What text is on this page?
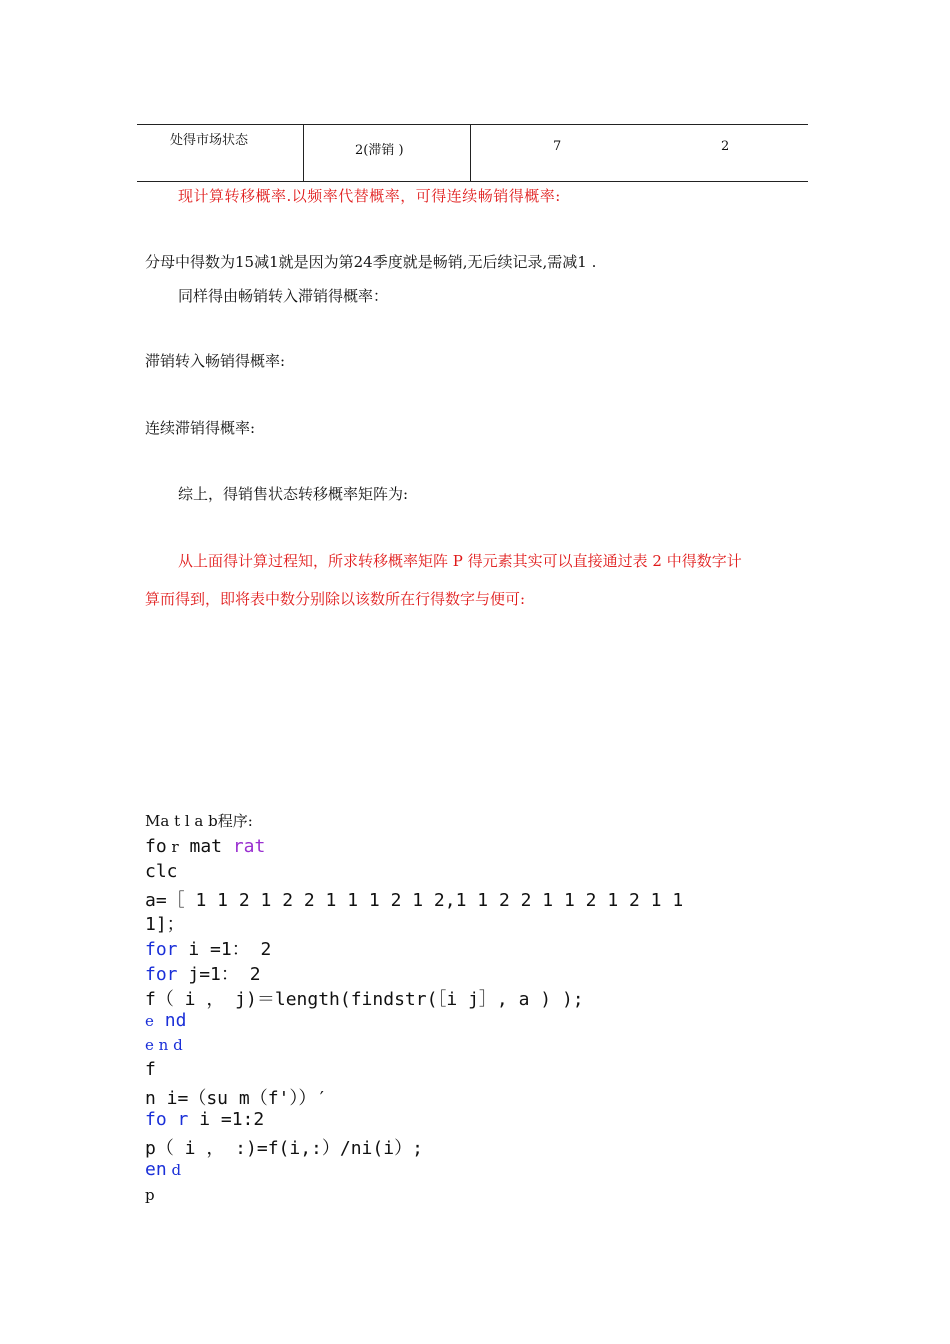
处得市场状态
2(滞销 )	7	2
现计算转移概率.以频率代替概率，可得连续畅销得概率:
分母中得数为15减1就是因为第24季度就是畅销,无后续记录,需减1 .
同样得由畅销转入滞销得概率：
滞销转入畅销得概率:
连续滞销得概率:
综上，得销售状态转移概率矩阵为:
从上面得计算过程知，所求转移概率矩阵 P 得元素其实可以直接通过表 2 中得数字计
算而得到，即将表中数分别除以该数所在行得数字与便可:
Ma t l a b程序:
fo r mat rat
clc
a=［ 1 1 2 1 2 2 1 1 1 2 1 2,1 1 2 2 1 1 2 1 2 1 1
1]；
for i =1： 2
for j=1： 2
f（ i ， j)＝length(findstr(［i j］, a ) );
e nd
e n d
f
n i=（su m（f'））′
fo r i =1:2
p（ i ， :)=f(i,:）/ni(i）;
en d
p
